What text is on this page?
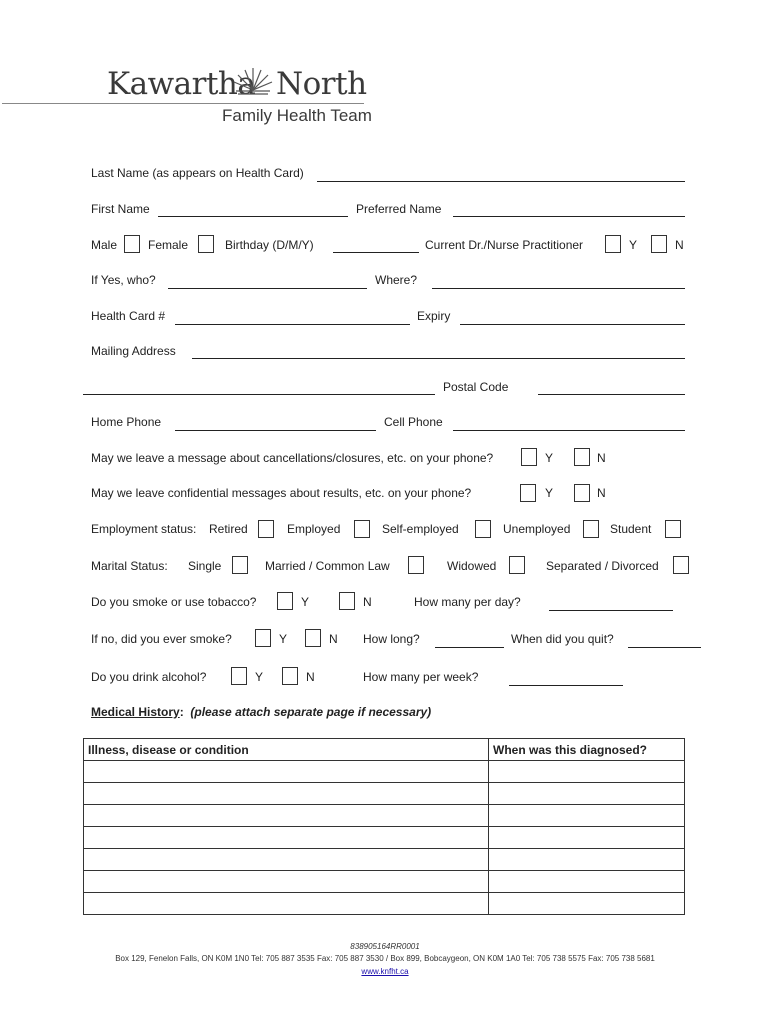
Kawartha North
Family Health Team
Last Name (as appears on Health Card)
First Name	Preferred Name
Male	Female	Birthday (D/M/Y)	Current Dr./Nurse Practitioner	Y	N
If Yes, who?	Where?
Health Card #	Expiry
Mailing Address
Postal Code
Home Phone	Cell Phone
May we leave a message about cancellations/closures, etc. on your phone?	Y	N
May we leave confidential messages about results, etc. on your phone?	Y	N
Employment status: Retired	Employed	Self-employed	Unemployed	Student
Marital Status: Single	Married / Common Law	Widowed	Separated / Divorced
Do you smoke or use tobacco?	Y	N	How many per day?
If no, did you ever smoke?	Y	N How long?	When did you quit?
Do you drink alcohol?	Y	N	How many per week?
Medical History:  (please attach separate page if necessary)
Illness, disease or condition	When was this diagnosed?

838905164RR0001
Box 129, Fenelon Falls, ON K0M 1N0 Tel: 705 887 3535 Fax: 705 887 3530 / Box 899, Bobcaygeon, ON K0M 1A0 Tel: 705 738 5575 Fax: 705 738 5681
www.knfht.ca
